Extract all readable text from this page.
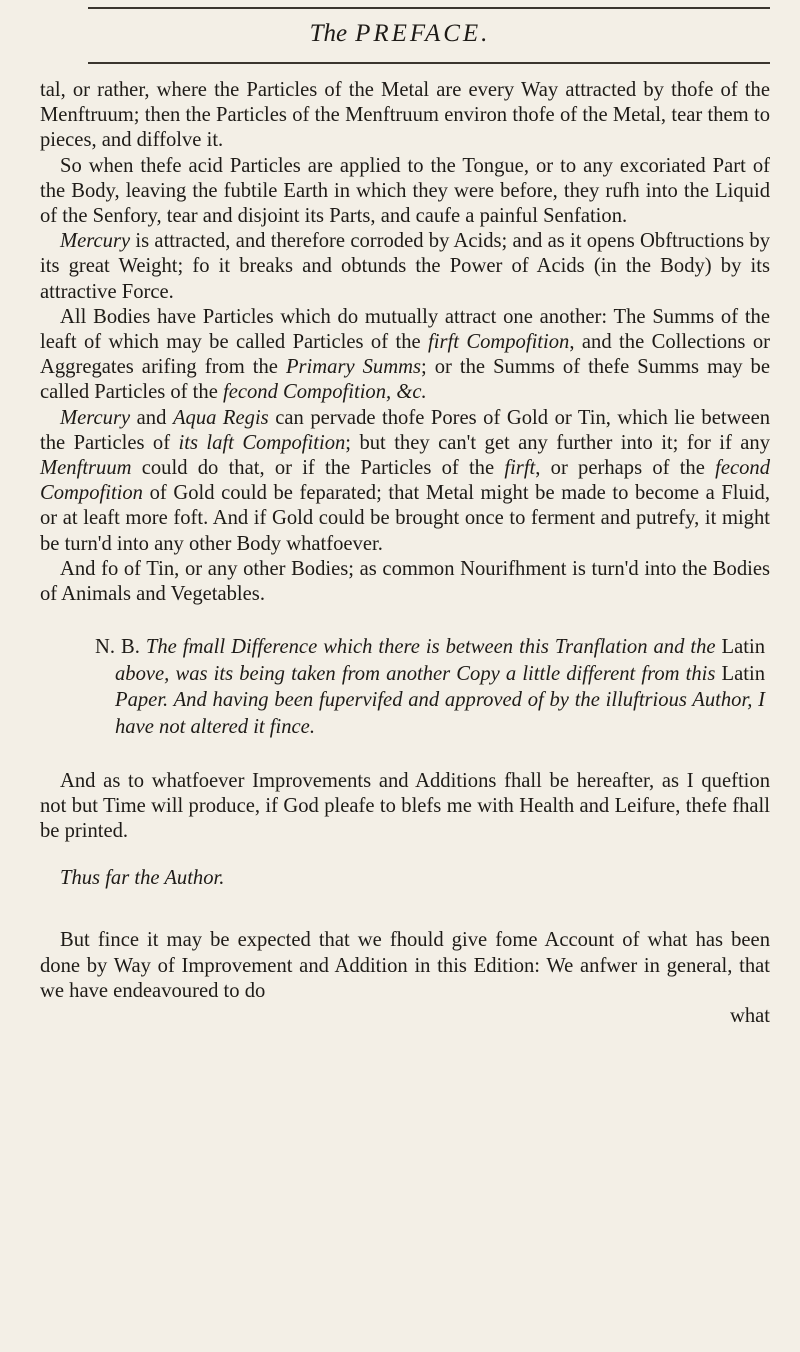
The PREFACE.

tal, or rather, where the Particles of the Metal are every Way attracted by thofe of the Menftruum; then the Particles of the Menftruum environ thofe of the Metal, tear them to pieces, and diffolve it.

So when thefe acid Particles are applied to the Tongue, or to any excoriated Part of the Body, leaving the fubtile Earth in which they were before, they rufh into the Liquid of the Senfory, tear and disjoint its Parts, and caufe a painful Senfation.

Mercury is attracted, and therefore corroded by Acids; and as it opens Obftructions by its great Weight; fo it breaks and obtunds the Power of Acids (in the Body) by its attractive Force.

All Bodies have Particles which do mutually attract one another: The Summs of the leaft of which may be called Particles of the firft Compofition, and the Collections or Aggregates arifing from the Primary Summs; or the Summs of thefe Summs may be called Particles of the fecond Compofition, &c.

Mercury and Aqua Regis can pervade thofe Pores of Gold or Tin, which lie between the Particles of its laft Compofition; but they can't get any further into it; for if any Menftruum could do that, or if the Particles of the firft, or perhaps of the fecond Compofition of Gold could be feparated; that Metal might be made to become a Fluid, or at leaft more foft. And if Gold could be brought once to ferment and putrefy, it might be turn'd into any other Body whatfoever.

And fo of Tin, or any other Bodies; as common Nourifhment is turn'd into the Bodies of Animals and Vegetables.

N. B. The fmall Difference which there is between this Tranflation and the Latin above, was its being taken from another Copy a little different from this Latin Paper. And having been fupervifed and approved of by the illuftrious Author, I have not altered it fince.

And as to whatfoever Improvements and Additions fhall be hereafter, as I queftion not but Time will produce, if God pleafe to blefs me with Health and Leifure, thefe fhall be printed.

Thus far the Author.

But fince it may be expected that we fhould give fome Account of what has been done by Way of Improvement and Addition in this Edition: We anfwer in general, that we have endeavoured to do

what
